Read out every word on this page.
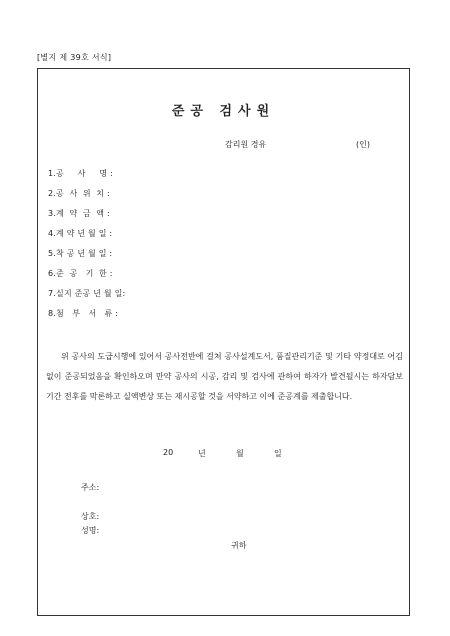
[별지 제 39호 서식]
준공 검사원
감리원 경유	(인)
1.공     사     명 :
2.공  사  위  치 :
3.계  약  금  액 :
4.계 약 년 월 일 :
5.착 공 년 월 일 :
6.준  공   기  한 :
7.실지 준공 년 월 일:
8.첨   부   서   류 :

위 공사의 도급시행에 있어서 공사전반에 걸쳐 공사설계도서, 품질관리기준 및 기타 약정대로 어김없이 준공되었음을 확인하오며 만약 공사의 시공, 감리 및 검사에 관하여 하자가 발견될시는 하자담보기간 전후를 막론하고 실액변상 또는 재시공할 것을 서약하고 이에 준공계를 제출합니다.

20	년	월	일
주소:
상호:
성명:
귀하
